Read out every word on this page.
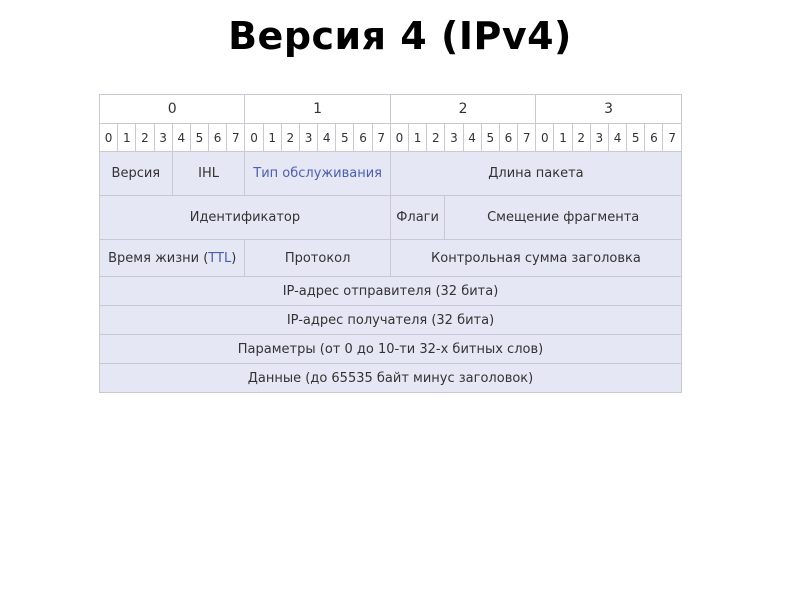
Версия 4 (IPv4)
0								1								2								3							
0	1	2	3	4	5	6	7	0	1	2	3	4	5	6	7	0	1	2	3	4	5	6	7	0	1	2	3	4	5	6	7
Версия				IHL				Тип обслуживания								Длина пакета															
Идентификатор																Флаги			Смещение фрагмента												
Время жизни (TTL)								Протокол								Контрольная сумма заголовка															
IP-адрес отправителя (32 бита)																															
IP-адрес получателя (32 бита)																															
Параметры (от 0 до 10-ти 32-х битных слов)																															
Данные (до 65535 байт минус заголовок)																															
